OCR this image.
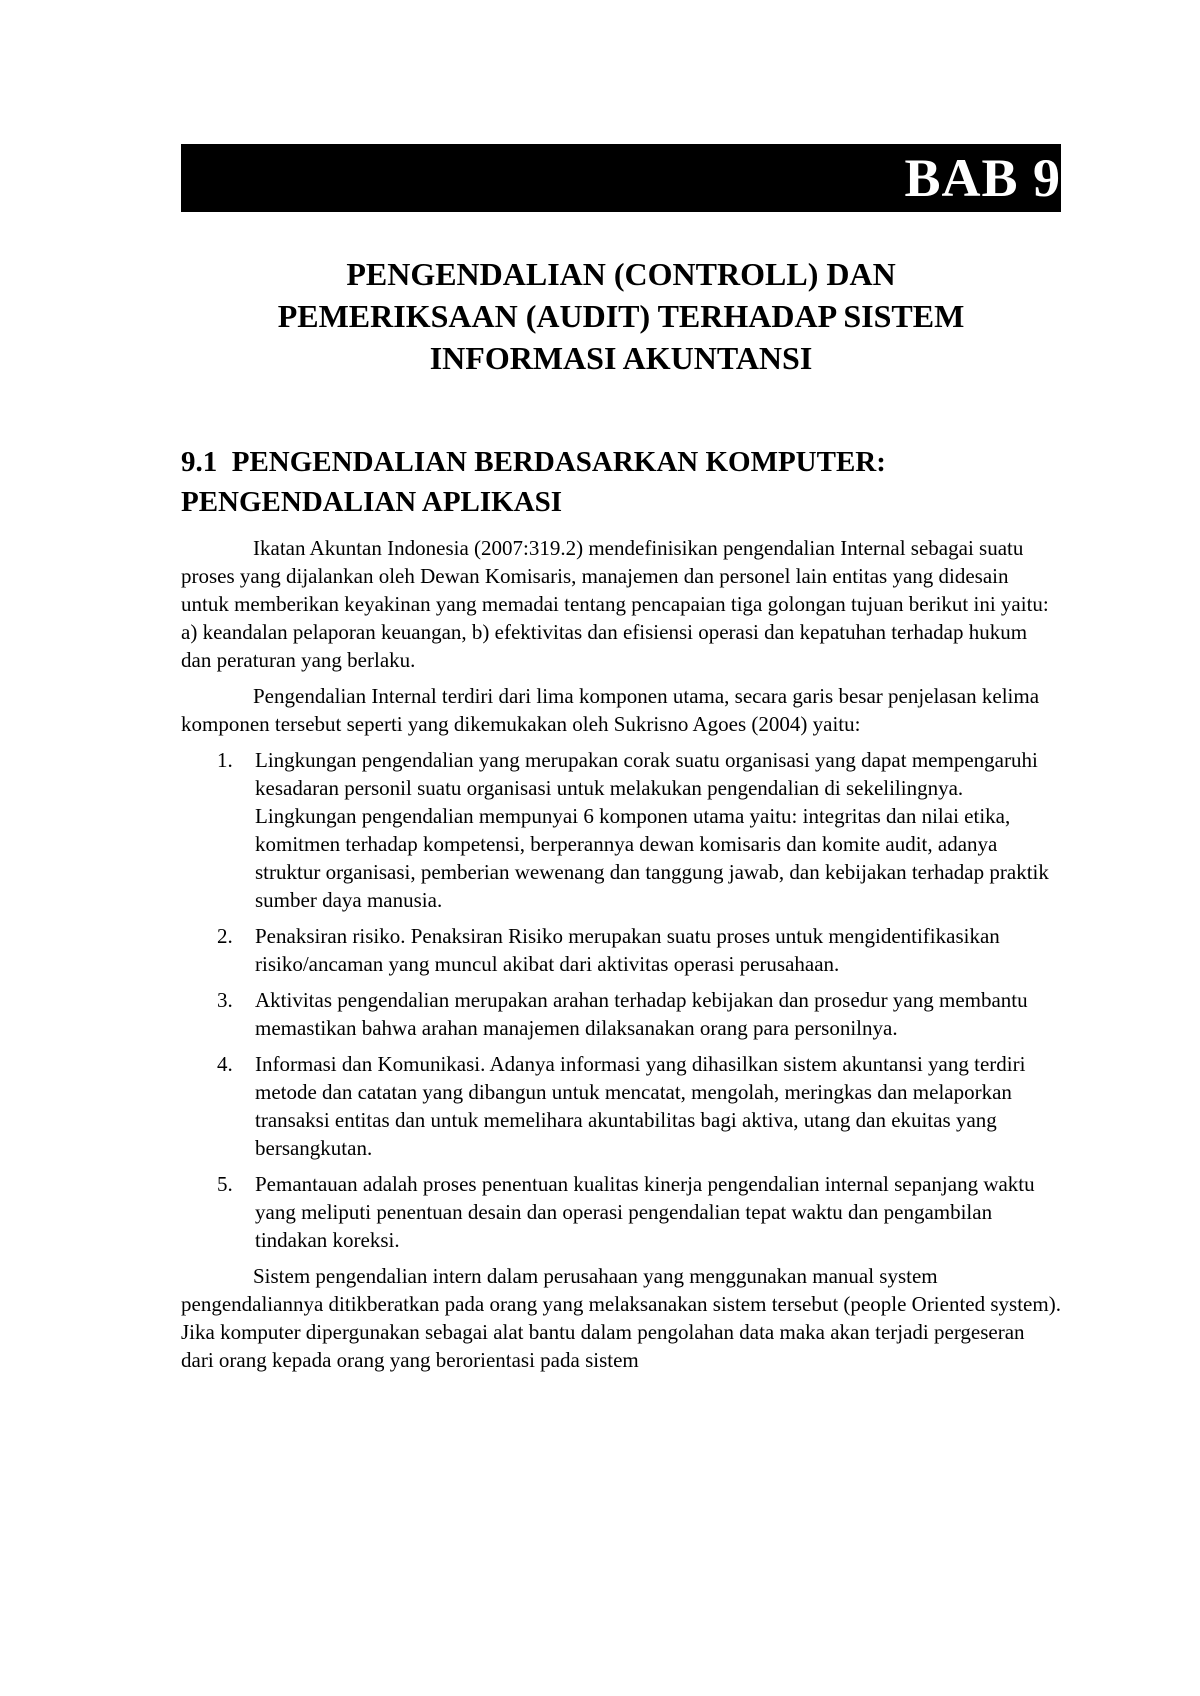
BAB 9
PENGENDALIAN (CONTROLL) DAN
PEMERIKSAAN (AUDIT) TERHADAP SISTEM
INFORMASI AKUNTANSI
9.1 PENGENDALIAN BERDASARKAN KOMPUTER:
PENGENDALIAN APLIKASI

Ikatan Akuntan Indonesia (2007:319.2) mendefinisikan pengendalian Internal sebagai suatu proses yang dijalankan oleh Dewan Komisaris, manajemen dan personel lain entitas yang didesain untuk memberikan keyakinan yang memadai tentang pencapaian tiga golongan tujuan berikut ini yaitu: a) keandalan pelaporan keuangan, b) efektivitas dan efisiensi operasi dan kepatuhan terhadap hukum dan peraturan yang berlaku.

Pengendalian Internal terdiri dari lima komponen utama, secara garis besar penjelasan kelima komponen tersebut seperti yang dikemukakan oleh Sukrisno Agoes (2004) yaitu:

1. Lingkungan pengendalian yang merupakan corak suatu organisasi yang dapat mempengaruhi kesadaran personil suatu organisasi untuk melakukan pengendalian di sekelilingnya. Lingkungan pengendalian mempunyai 6 komponen utama yaitu: integritas dan nilai etika, komitmen terhadap kompetensi, berperannya dewan komisaris dan komite audit, adanya struktur organisasi, pemberian wewenang dan tanggung jawab, dan kebijakan terhadap praktik sumber daya manusia.
2. Penaksiran risiko. Penaksiran Risiko merupakan suatu proses untuk mengidentifikasikan risiko/ancaman yang muncul akibat dari aktivitas operasi perusahaan.
3. Aktivitas pengendalian merupakan arahan terhadap kebijakan dan prosedur yang membantu memastikan bahwa arahan manajemen dilaksanakan orang para personilnya.
4. Informasi dan Komunikasi. Adanya informasi yang dihasilkan sistem akuntansi yang terdiri metode dan catatan yang dibangun untuk mencatat, mengolah, meringkas dan melaporkan transaksi entitas dan untuk memelihara akuntabilitas bagi aktiva, utang dan ekuitas yang bersangkutan.
5. Pemantauan adalah proses penentuan kualitas kinerja pengendalian internal sepanjang waktu yang meliputi penentuan desain dan operasi pengendalian tepat waktu dan pengambilan tindakan koreksi.

Sistem pengendalian intern dalam perusahaan yang menggunakan manual system pengendaliannya ditikberatkan pada orang yang melaksanakan sistem tersebut (people Oriented system). Jika komputer dipergunakan sebagai alat bantu dalam pengolahan data maka akan terjadi pergeseran dari orang kepada orang yang berorientasi pada sistem
